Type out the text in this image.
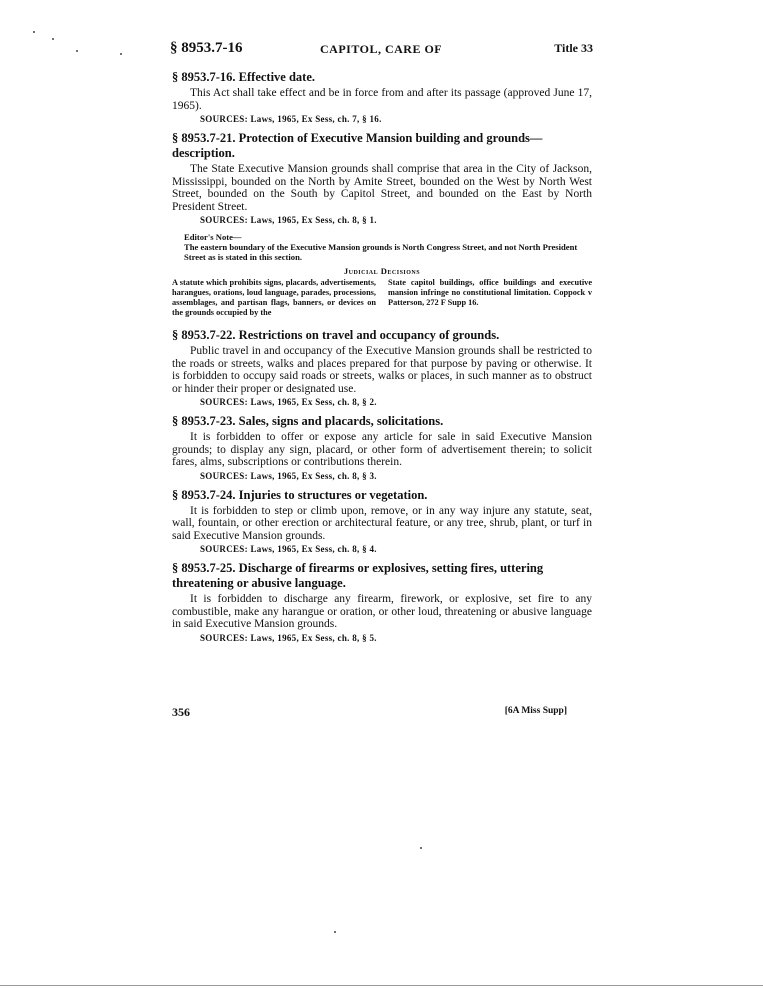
§ 8953.7-16	CAPITOL, CARE OF	Title 33

§ 8953.7-16. Effective date.

This Act shall take effect and be in force from and after its passage (approved June 17, 1965).

SOURCES: Laws, 1965, Ex Sess, ch. 7, § 16.

§ 8953.7-21. Protection of Executive Mansion building and grounds—description.

The State Executive Mansion grounds shall comprise that area in the City of Jackson, Mississippi, bounded on the North by Amite Street, bounded on the West by North West Street, bounded on the South by Capitol Street, and bounded on the East by North President Street.

SOURCES: Laws, 1965, Ex Sess, ch. 8, § 1.
Editor's Note—
The eastern boundary of the Executive Mansion grounds is North Congress Street, and not North President Street as is stated in this section.
Judicial Decisions
A statute which prohibits signs, placards, advertisements, harangues, orations, loud language, parades, processions, assemblages, and partisan flags, banners, or devices on the grounds occupied by the
State capitol buildings, office buildings and executive mansion infringe no constitutional limitation. Coppock v Patterson, 272 F Supp 16.

§ 8953.7-22. Restrictions on travel and occupancy of grounds.

Public travel in and occupancy of the Executive Mansion grounds shall be restricted to the roads or streets, walks and places prepared for that purpose by paving or otherwise. It is forbidden to occupy said roads or streets, walks or places, in such manner as to obstruct or hinder their proper or designated use.

SOURCES: Laws, 1965, Ex Sess, ch. 8, § 2.

§ 8953.7-23. Sales, signs and placards, solicitations.

It is forbidden to offer or expose any article for sale in said Executive Mansion grounds; to display any sign, placard, or other form of advertisement therein; to solicit fares, alms, subscriptions or contributions therein.

SOURCES: Laws, 1965, Ex Sess, ch. 8, § 3.

§ 8953.7-24. Injuries to structures or vegetation.

It is forbidden to step or climb upon, remove, or in any way injure any statute, seat, wall, fountain, or other erection or architectural feature, or any tree, shrub, plant, or turf in said Executive Mansion grounds.

SOURCES: Laws, 1965, Ex Sess, ch. 8, § 4.

§ 8953.7-25. Discharge of firearms or explosives, setting fires, uttering threatening or abusive language.

It is forbidden to discharge any firearm, firework, or explosive, set fire to any combustible, make any harangue or oration, or other loud, threatening or abusive language in said Executive Mansion grounds.

SOURCES: Laws, 1965, Ex Sess, ch. 8, § 5.
356	[6A Miss Supp]
